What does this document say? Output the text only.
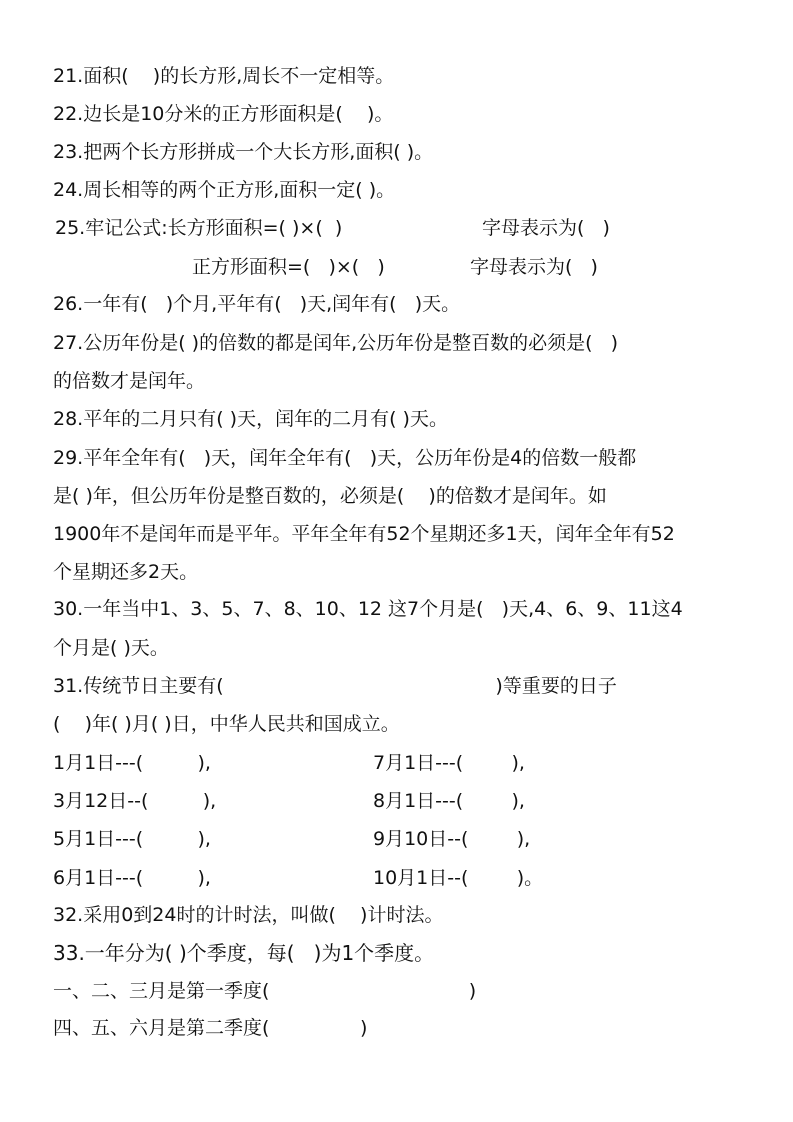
21.面积(    )的长方形,周长不一定相等。

22.边长是10分米的正方形面积是(    )。

23.把两个长方形拼成一个大长方形,面积( )。

24.周长相等的两个正方形,面积一定( )。

25.牢记公式:长方形面积=( )×(  )	字母表示为(   )
正方形面积=(   )×(   )	字母表示为(   )

26.一年有(   )个月,平年有(   )天,闰年有(   )天。

27.公历年份是( )的倍数的都是闰年,公历年份是整百数的必须是(   )

的倍数才是闰年。

28.平年的二月只有( )天，闰年的二月有( )天。

29.平年全年有(   )天，闰年全年有(   )天，公历年份是4的倍数一般都

是( )年，但公历年份是整百数的，必须是(    )的倍数才是闰年。如

1900年不是闰年而是平年。平年全年有52个星期还多1天，闰年全年有52

个星期还多2天。

30.一年当中1、3、5、7、8、10、12 这7个月是(   )天,4、6、9、11这4

个月是( )天。

31.传统节日主要有(                                             )等重要的日子

(    )年( )月( )日，中华人民共和国成立。

1月1日---(         ),	7月1日---(        ),
3月12日--(         ),	8月1日---(        ),
5月1日---(         ),	9月10日--(        ),
6月1日---(         ),	10月1日--(        )。

32.采用0到24时的计时法，叫做(    )计时法。

33.一年分为( )个季度，每(   )为1个季度。

一、二、三月是第一季度(                                 )

四、五、六月是第二季度(               )
